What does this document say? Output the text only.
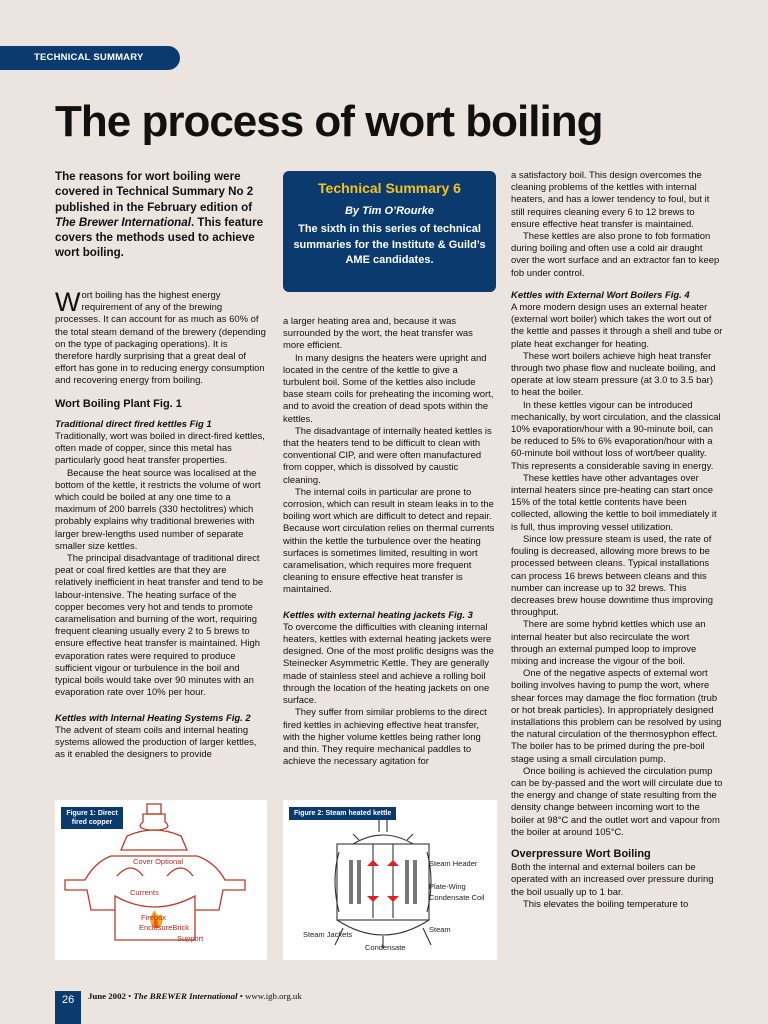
TECHNICAL SUMMARY
The process of wort boiling
The reasons for wort boiling were covered in Technical Summary No 2 published in the February edition of The Brewer International. This feature covers the methods used to achieve wort boiling.

Wort boiling has the highest energy requirement of any of the brewing processes. It can account for as much as 60% of the total steam demand of the brewery (depending on the type of packaging operations). It is therefore hardly surprising that a great deal of effort has gone in to reducing energy consumption and recovering energy from boiling.

Wort Boiling Plant Fig. 1
Traditional direct fired kettles Fig 1

Traditionally, wort was boiled in direct-fired kettles, often made of copper, since this metal has particularly good heat transfer properties.

Because the heat source was localised at the bottom of the kettle, it restricts the volume of wort which could be boiled at any one time to a maximum of 200 barrels (330 hectolitres) which probably explains why traditional breweries with larger brew-lengths used number of separate smaller size kettles.

The principal disadvantage of traditional direct peat or coal fired kettles are that they are relatively inefficient in heat transfer and tend to be labour-intensive. The heating surface of the copper becomes very hot and tends to promote caramelisation and burning of the wort, requiring frequent cleaning usually every 2 to 5 brews to ensure effective heat transfer is maintained. High evaporation rates were required to produce sufficient vigour or turbulence in the boil and typical boils would take over 90 minutes with an evaporation rate over 10% per hour.

Kettles with Internal Heating Systems Fig. 2

The advent of steam coils and internal heating systems allowed the production of larger kettles, as it enabled the designers to provide

Technical Summary 6
By Tim O’Rourke
The sixth in this series of technical summaries for the Institute & Guild’s AME candidates.

a larger heating area and, because it was surrounded by the wort, the heat transfer was more efficient.

In many designs the heaters were upright and located in the centre of the kettle to give a turbulent boil. Some of the kettles also include base steam coils for preheating the incoming wort, and to avoid the creation of dead spots within the kettles.

The disadvantage of internally heated kettles is that the heaters tend to be difficult to clean with conventional CIP, and were often manufactured from copper, which is dissolved by caustic cleaning.

The internal coils in particular are prone to corrosion, which can result in steam leaks in to the boiling wort which are difficult to detect and repair. Because wort circulation relies on thermal currents within the kettle the turbulence over the heating surfaces is sometimes limited, resulting in wort caramelisation, which requires more frequent cleaning to ensure effective heat transfer is maintained.

Kettles with external heating jackets Fig. 3

To overcome the difficulties with cleaning internal heaters, kettles with external heating jackets were designed. One of the most prolific designs was the Steinecker Asymmetric Kettle. They are generally made of stainless steel and achieve a rolling boil through the location of the heating jackets on one surface.

They suffer from similar problems to the direct fired kettles in achieving effective heat transfer, with the higher volume kettles being rather long and thin. They require mechanical paddles to achieve the necessary agitation for

a satisfactory boil. This design overcomes the cleaning problems of the kettles with internal heaters, and has a lower tendency to foul, but it still requires cleaning every 6 to 12 brews to ensure effective heat transfer is maintained.

These kettles are also prone to fob formation during boiling and often use a cold air draught over the wort surface and an extractor fan to keep fob under control.

Kettles with External Wort Boilers Fig. 4

A more modern design uses an external heater (external wort boiler) which takes the wort out of the kettle and passes it through a shell and tube or plate heat exchanger for heating.

These wort boilers achieve high heat transfer through two phase flow and nucleate boiling, and operate at low steam pressure (at 3.0 to 3.5 bar) to heat the boiler.

In these kettles vigour can be introduced mechanically, by wort circulation, and the classical 10% evaporation/hour with a 90-minute boil, can be reduced to 5% to 6% evaporation/hour with a 60-minute boil without loss of wort/beer quality. This represents a considerable saving in energy.

These kettles have other advantages over internal heaters since pre-heating can start once 15% of the total kettle contents have been collected, allowing the kettle to boil immediately it is full, thus improving vessel utilization.

Since low pressure steam is used, the rate of fouling is decreased, allowing more brews to be processed between cleans. Typical installations can process 16 brews between cleans and this number can increase up to 32 brews. This decreases brew house downtime thus improving throughput.

There are some hybrid kettles which use an internal heater but also recirculate the wort through an external pumped loop to improve mixing and increase the vigour of the boil.

One of the negative aspects of external wort boiling involves having to pump the wort, where shear forces may damage the floc formation (trub or hot break particles). In appropriately designed installations this problem can be resolved by using the natural circulation of the thermosyphon effect. The boiler has to be primed during the pre-boil stage using a small circulation pump.

Once boiling is achieved the circulation pump can be by-passed and the wort will circulate due to the energy and change of state resulting from the density change between incoming wort to the boiler at 98°C and the outlet wort and vapour from the boiler at around 105°C.

Overpressure Wort Boiling

Both the internal and external boilers can be operated with an increased over pressure during the boil usually up to 1 bar.

This elevates the boiling temperature to

Cover Optional
Currents
Firebox
EnclosureBrick
Support
Figure 1: Direct fired copper
Steam Header
Plate-Wing
Condensate Coil
Steam Jackets
Steam
Condensate
Figure 2: Steam heated kettle
26	June 2002 • The BREWER International • www.igb.org.uk
